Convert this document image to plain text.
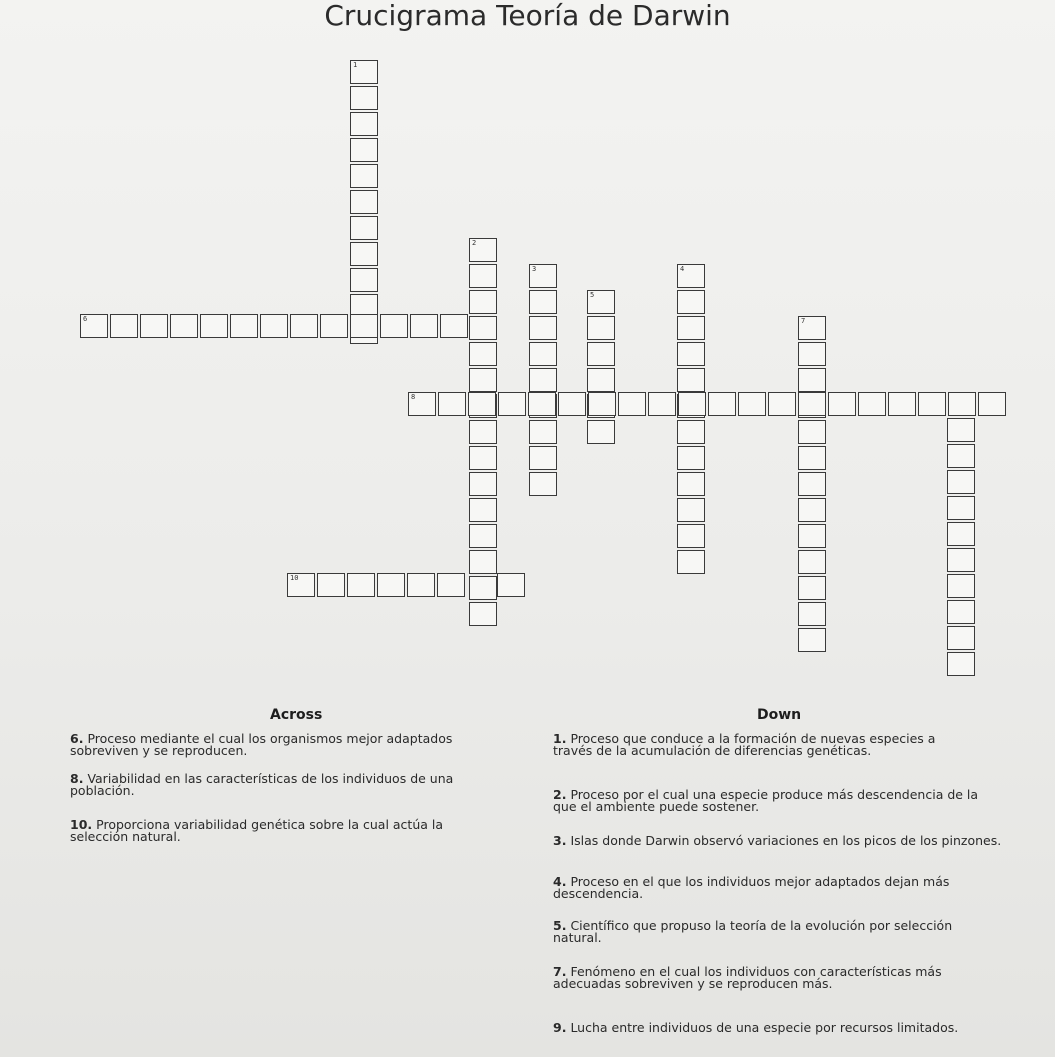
Crucigrama Teoría de Darwin
1
2
3	4
5
6	7
8
10
Across	Down
6. Proceso mediante el cual los organismos mejor adaptados sobreviven y se reproducen.
8. Variabilidad en las características de los individuos de una población.
10. Proporciona variabilidad genética sobre la cual actúa la selección natural.
1. Proceso que conduce a la formación de nuevas especies a través de la acumulación de diferencias genéticas.
2. Proceso por el cual una especie produce más descendencia de la que el ambiente puede sostener.
3. Islas donde Darwin observó variaciones en los picos de los pinzones.
4. Proceso en el que los individuos mejor adaptados dejan más descendencia.
5. Científico que propuso la teoría de la evolución por selección natural.
7. Fenómeno en el cual los individuos con características más adecuadas sobreviven y se reproducen más.
9. Lucha entre individuos de una especie por recursos limitados.
